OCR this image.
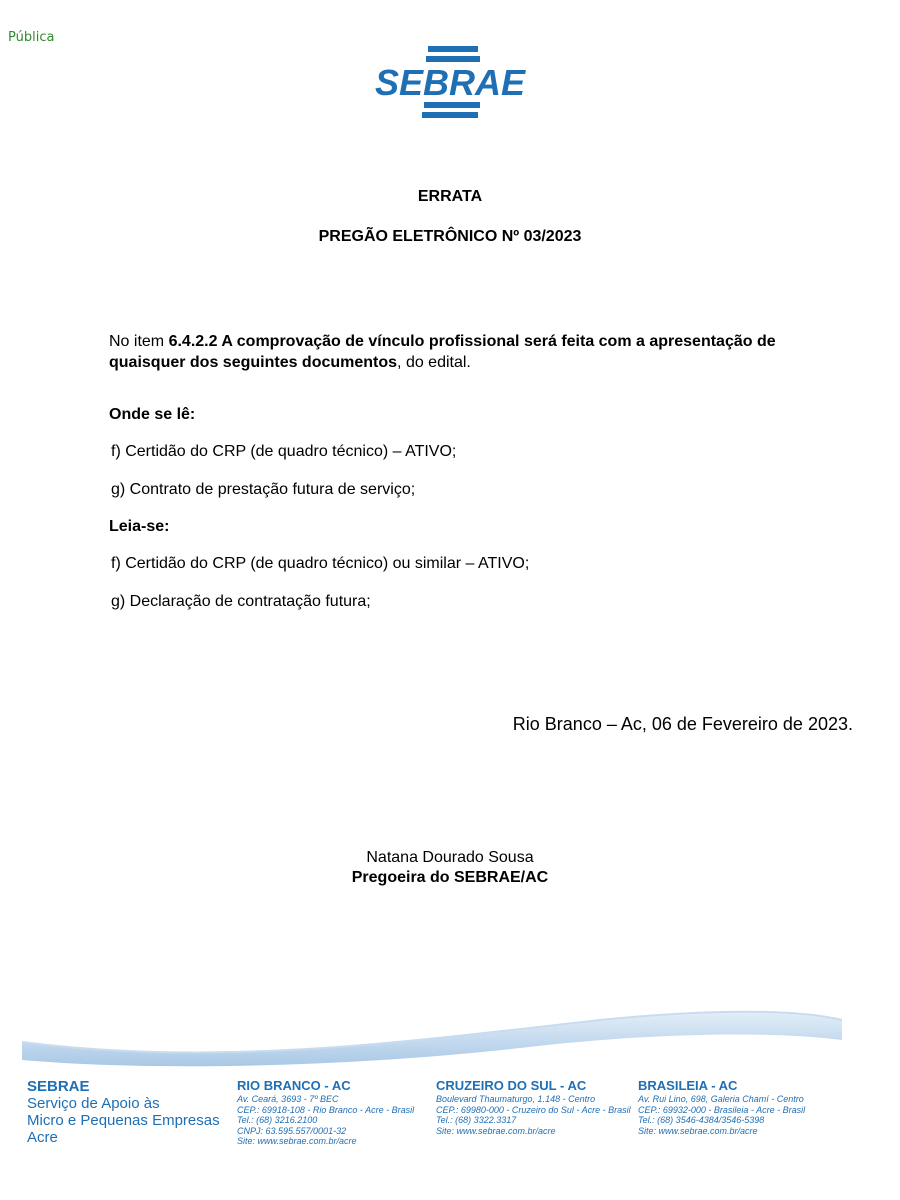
Pública
SEBRAE
ERRATA
PREGÃO ELETRÔNICO Nº 03/2023
No item 6.4.2.2 A comprovação de vínculo profissional será feita com a apresentação de quaisquer dos seguintes documentos, do edital.
Onde se lê:
f) Certidão do CRP (de quadro técnico) – ATIVO;
g) Contrato de prestação futura de serviço;
Leia-se:
f) Certidão do CRP (de quadro técnico) ou similar – ATIVO;
g) Declaração de contratação futura;
Rio Branco – Ac, 06 de Fevereiro de 2023.
Natana Dourado Sousa
Pregoeira do SEBRAE/AC
SEBRAE
Serviço de Apoio às
Micro e Pequenas Empresas
Acre
RIO BRANCO - AC
Av. Ceará, 3693 - 7º BEC
CEP.: 69918-108 - Rio Branco - Acre - Brasil
Tel.: (68) 3216.2100
CNPJ: 63.595.557/0001-32
Site: www.sebrae.com.br/acre
CRUZEIRO DO SUL - AC
Boulevard Thaumaturgo, 1.148 - Centro
CEP.: 69980-000 - Cruzeiro do Sul - Acre - Brasil
Tel.: (68) 3322.3317
Site: www.sebrae.com.br/acre
BRASILEIA - AC
Av. Rui Lino, 698, Galeria Chamí - Centro
CEP.: 69932-000 - Brasileia - Acre - Brasil
Tel.: (68) 3546-4384/3546-5398
Site: www.sebrae.com.br/acre
